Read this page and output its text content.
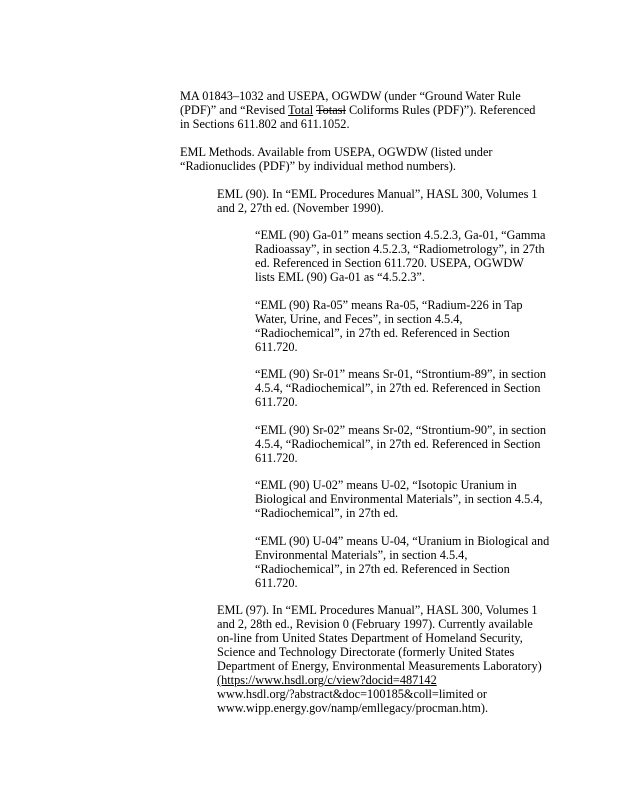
MA 01843–1032 and USEPA, OGWDW (under “Ground Water Rule
(PDF)” and “Revised Total Totasl Coliforms Rules (PDF)”). Referenced
in Sections 611.802 and 611.1052.
EML Methods. Available from USEPA, OGWDW (listed under
“Radionuclides (PDF)” by individual method numbers).
EML (90). In “EML Procedures Manual”, HASL 300, Volumes 1
and 2, 27th ed. (November 1990).
“EML (90) Ga-01” means section 4.5.2.3, Ga-01, “Gamma
Radioassay”, in section 4.5.2.3, “Radiometrology”, in 27th
ed. Referenced in Section 611.720. USEPA, OGWDW
lists EML (90) Ga-01 as “4.5.2.3”.
“EML (90) Ra-05” means Ra-05, “Radium-226 in Tap
Water, Urine, and Feces”, in section 4.5.4,
“Radiochemical”, in 27th ed. Referenced in Section
611.720.
“EML (90) Sr-01” means Sr-01, “Strontium-89”, in section
4.5.4, “Radiochemical”, in 27th ed. Referenced in Section
611.720.
“EML (90) Sr-02” means Sr-02, “Strontium-90”, in section
4.5.4, “Radiochemical”, in 27th ed. Referenced in Section
611.720.
“EML (90) U-02” means U-02, “Isotopic Uranium in
Biological and Environmental Materials”, in section 4.5.4,
“Radiochemical”, in 27th ed.
“EML (90) U-04” means U-04, “Uranium in Biological and
Environmental Materials”, in section 4.5.4,
“Radiochemical”, in 27th ed. Referenced in Section
611.720.
EML (97). In “EML Procedures Manual”, HASL 300, Volumes 1
and 2, 28th ed., Revision 0 (February 1997). Currently available
on-line from United States Department of Homeland Security,
Science and Technology Directorate (formerly United States
Department of Energy, Environmental Measurements Laboratory)
(https://www.hsdl.org/c/view?docid=487142
www.hsdl.org/?abstract&doc=100185&coll=limited or
www.wipp.energy.gov/namp/emllegacy/procman.htm).
